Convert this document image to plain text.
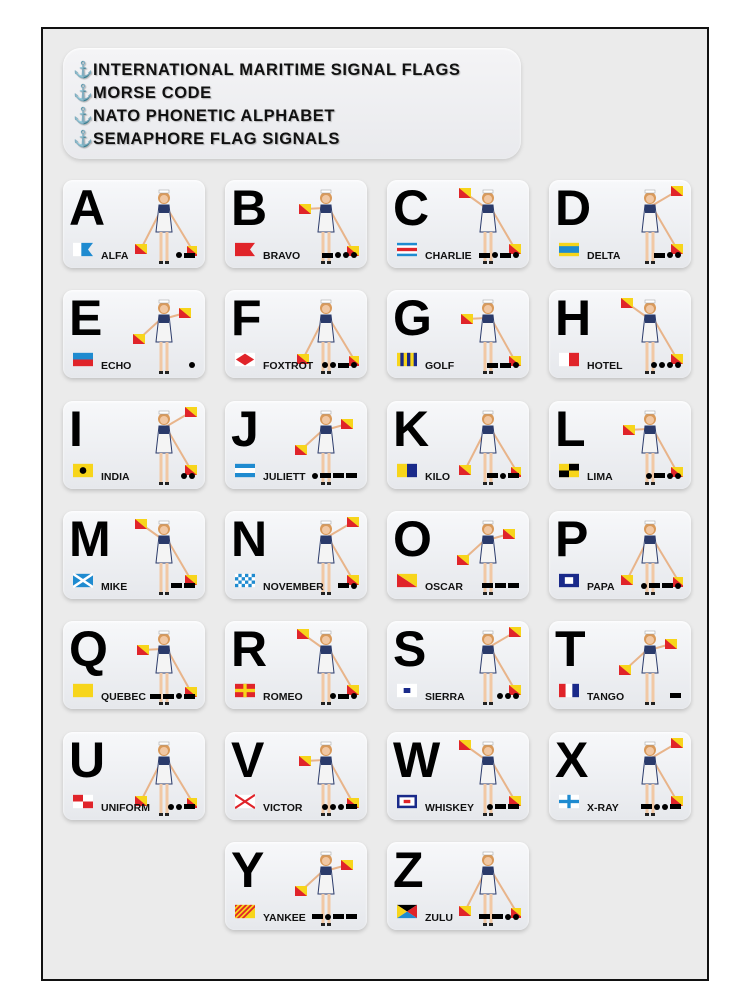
⚓INTERNATIONAL MARITIME SIGNAL FLAGS
⚓MORSE CODE
⚓NATO PHONETIC ALPHABET
⚓SEMAPHORE FLAG SIGNALS
A
ALFA
B
BRAVO
C
CHARLIE
D
DELTA
E
ECHO
F
FOXTROT
G
GOLF
H
HOTEL
I
INDIA
J
JULIETT
K
KILO
L
LIMA
M
MIKE
N
NOVEMBER
O
OSCAR
P
PAPA
Q
QUEBEC
R
ROMEO
S
SIERRA
T
TANGO
U
UNIFORM
V
VICTOR
W
WHISKEY
X
X-RAY
Y
YANKEE
Z
ZULU
